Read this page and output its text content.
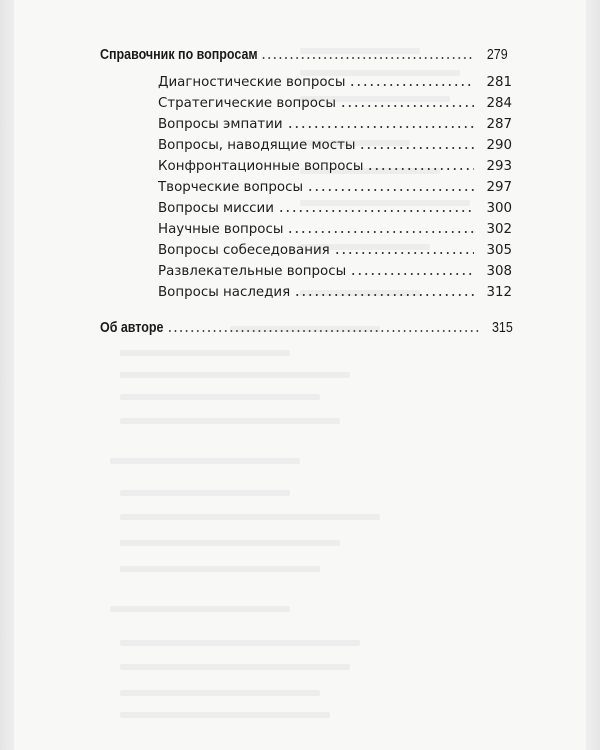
Справочник по вопросам	279
Диагностические вопросы	281
Стратегические вопросы	284
Вопросы эмпатии	287
Вопросы, наводящие мосты	290
Конфронтационные вопросы	293
Творческие вопросы	297
Вопросы миссии	300
Научные вопросы	302
Вопросы собеседования	305
Развлекательные вопросы	308
Вопросы наследия	312
Об авторе	315
